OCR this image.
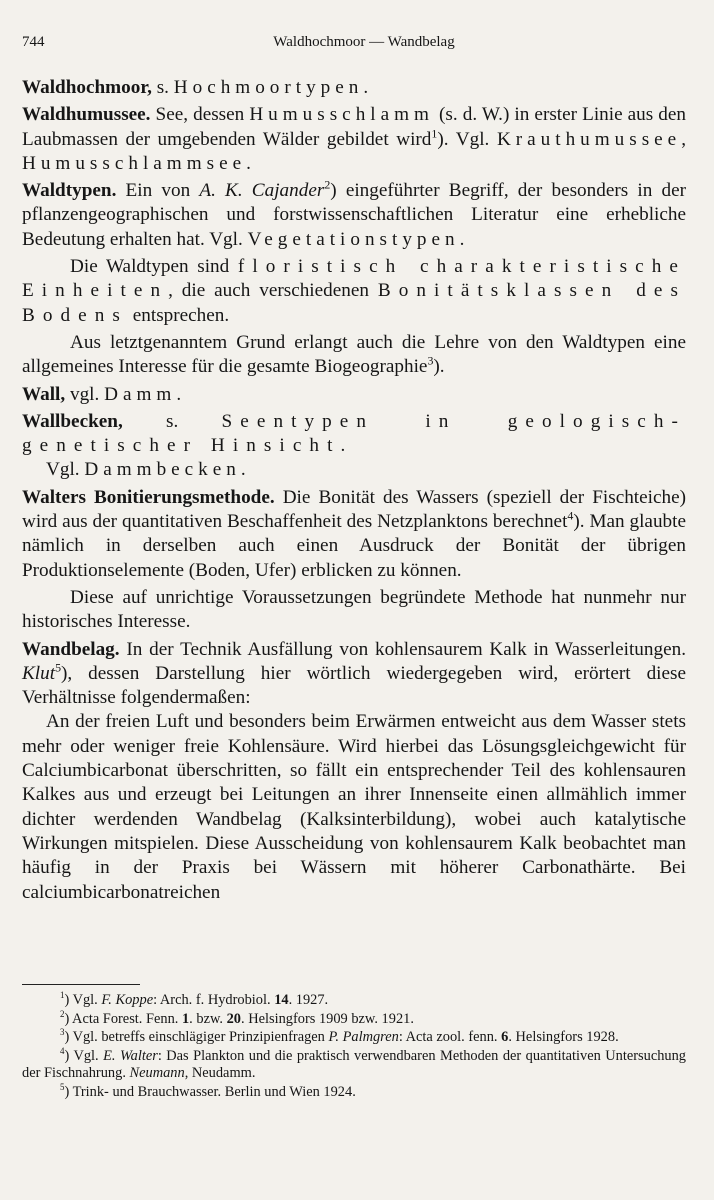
744	Waldhochmoor — Wandbelag

Waldhochmoor, s. Hochmoortypen.

Waldhumussee. See, dessen Humusschlamm (s. d. W.) in erster Linie aus den Laubmassen der umgebenden Wälder gebildet wird$^1$). Vgl. Krauthumussee, Humusschlammsee.

Waldtypen. Ein von A. K. Cajander$^2$) eingeführter Begriff, der besonders in der pflanzengeographischen und forstwissenschaftlichen Literatur eine erhebliche Bedeutung erhalten hat. Vgl. Vegetationstypen.

Die Waldtypen sind floristisch charakteristische Einheiten, die auch verschiedenen Bonitätsklassen des Bodens entsprechen.

Aus letztgenanntem Grund erlangt auch die Lehre von den Waldtypen eine allgemeines Interesse für die gesamte Biogeographie$^3$).

Wall, vgl. Damm.

Wallbecken, s. Seentypen in geologisch-genetischer Hinsicht.

Vgl. Dammbecken.

Walters Bonitierungsmethode. Die Bonität des Wassers (speziell der Fischteiche) wird aus der quantitativen Beschaffenheit des Netzplanktons berechnet$^4$). Man glaubte nämlich in derselben auch einen Ausdruck der Bonität der übrigen Produktionselemente (Boden, Ufer) erblicken zu können.

Diese auf unrichtige Voraussetzungen begründete Methode hat nunmehr nur historisches Interesse.

Wandbelag. In der Technik Ausfällung von kohlensaurem Kalk in Wasserleitungen. Klut$^5$), dessen Darstellung hier wörtlich wiedergegeben wird, erörtert diese Verhältnisse folgendermaßen:

An der freien Luft und besonders beim Erwärmen entweicht aus dem Wasser stets mehr oder weniger freie Kohlensäure. Wird hierbei das Lösungsgleichgewicht für Calciumbicarbonat überschritten, so fällt ein entsprechender Teil des kohlensauren Kalkes aus und erzeugt bei Leitungen an ihrer Innenseite einen allmählich immer dichter werdenden Wandbelag (Kalksinterbildung), wobei auch katalytische Wirkungen mitspielen. Diese Ausscheidung von kohlensaurem Kalk beobachtet man häufig in der Praxis bei Wässern mit höherer Carbonathärte. Bei calciumbicarbonatreichen

$^1$) Vgl. F. Koppe: Arch. f. Hydrobiol. 14. 1927.

$^2$) Acta Forest. Fenn. 1. bzw. 20. Helsingfors 1909 bzw. 1921.

$^3$) Vgl. betreffs einschlägiger Prinzipienfragen P. Palmgren: Acta zool. fenn. 6. Helsingfors 1928.

$^4$) Vgl. E. Walter: Das Plankton und die praktisch verwendbaren Methoden der quantitativen Untersuchung der Fischnahrung. Neumann, Neudamm.

$^5$) Trink- und Brauchwasser. Berlin und Wien 1924.
